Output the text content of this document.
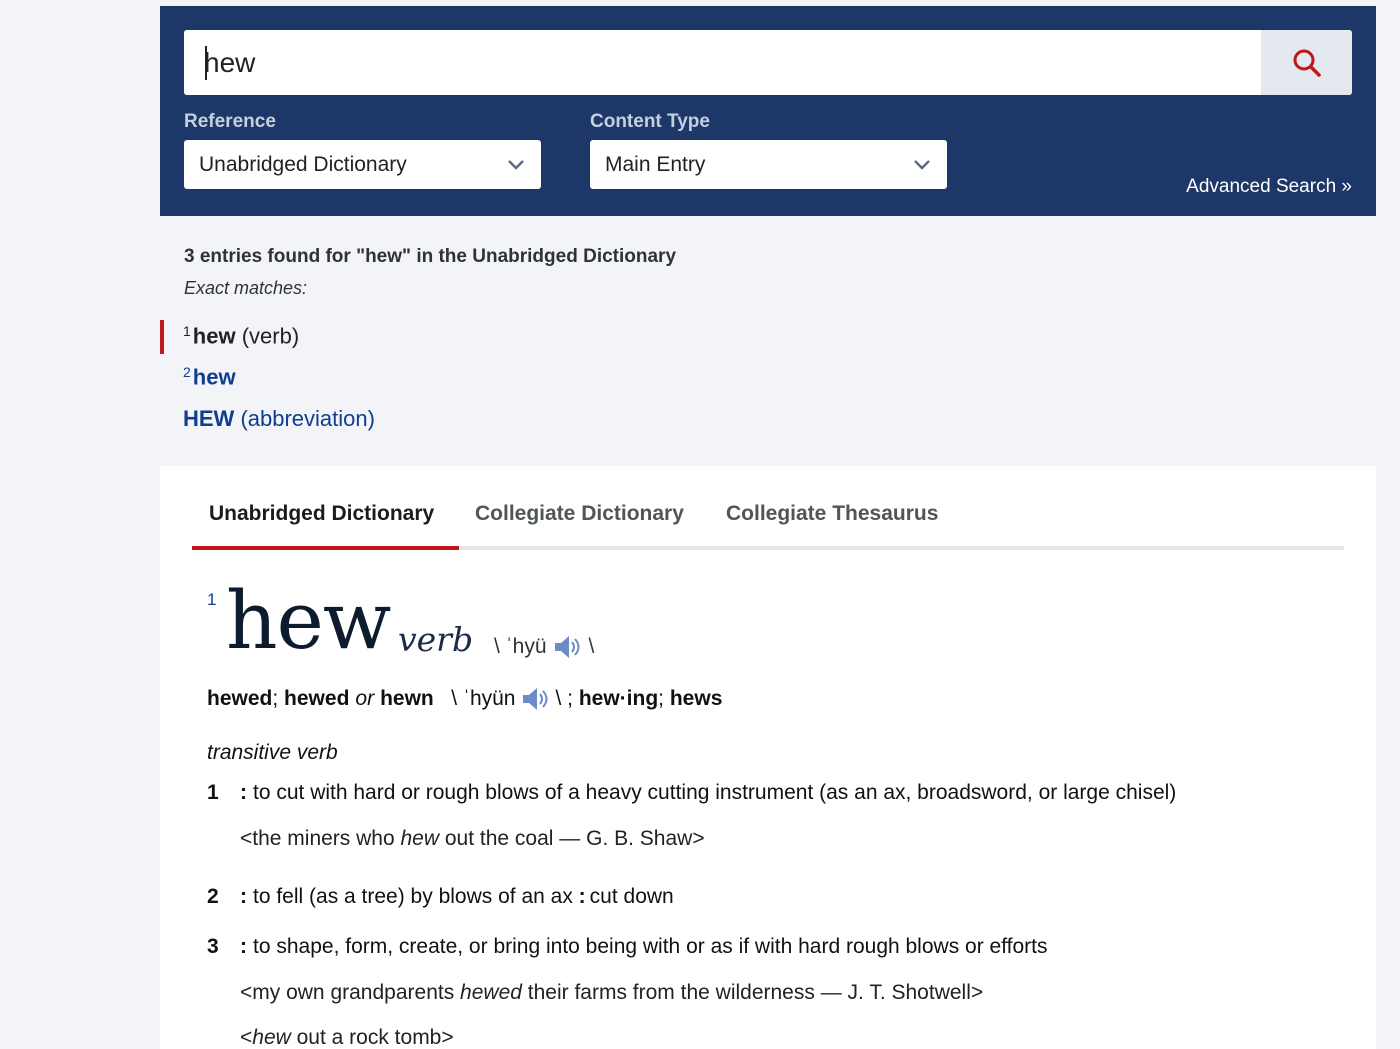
hew
Reference
Unabridged Dictionary
Content Type
Main Entry
Advanced Search »
3 entries found for "hew" in the Unabridged Dictionary
Exact matches:
$^1$hew (verb)
$^2$hew
HEW (abbreviation)
Unabridged Dictionary Collegiate Dictionary Collegiate Thesaurus
1 hew verb \ ˈhyü \
hewed ;
hewed or hewn
\ ˈhyün \ ;
hew·ing ;
hews
transitive verb
1 : to cut with hard or rough blows of a heavy cutting instrument (as an ax, broadsword, or large chisel)
<the miners who hew out the coal — G. B. Shaw>
2 : to fell (as a tree) by blows of an ax : cut down
3 : to shape, form, create, or bring into being with or as if with hard rough blows or efforts
<my own grandparents hewed their farms from the wilderness — J. T. Shotwell>
<hew out a rock tomb>
